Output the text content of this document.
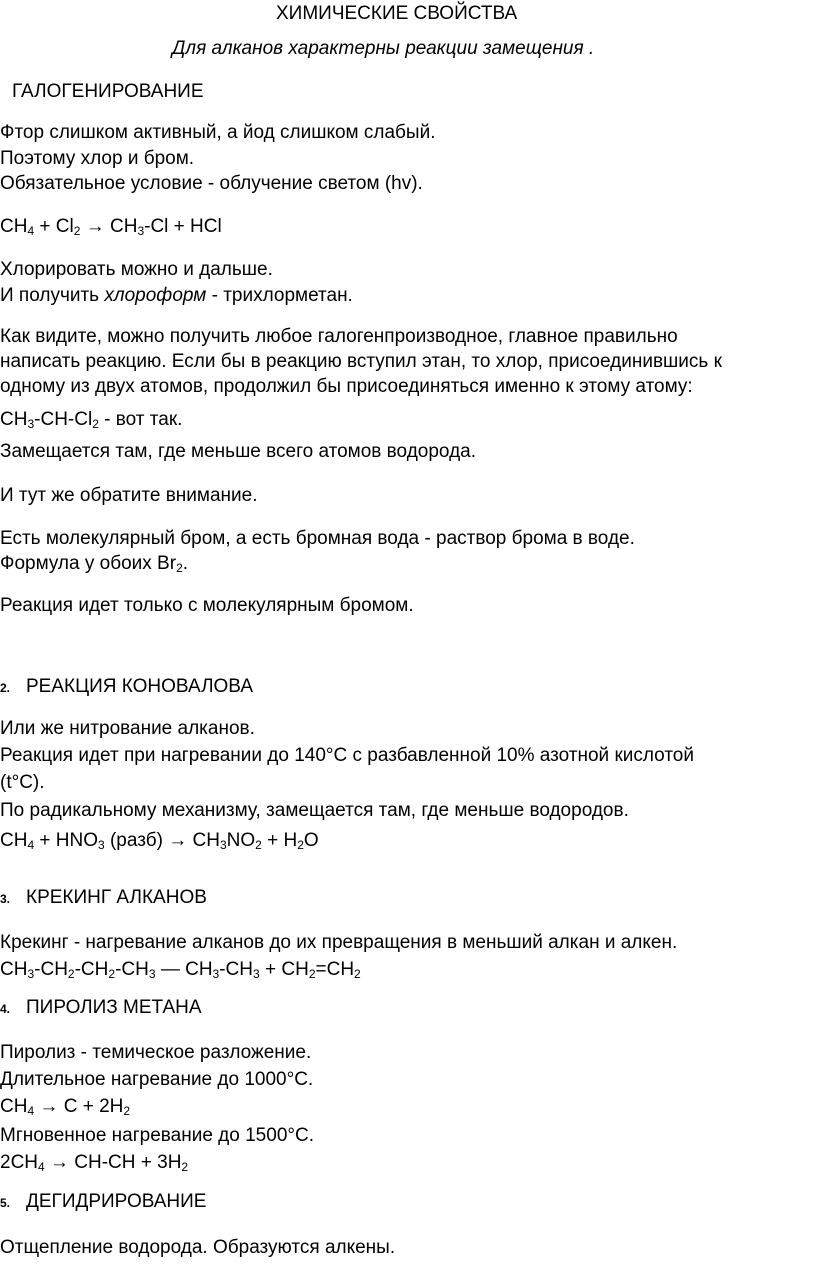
ХИМИЧЕСКИЕ СВОЙСТВА
Для алканов характерны реакции замещения .
ГАЛОГЕНИРОВАНИЕ
Фтор слишком активный, а йод слишком слабый.
Поэтому хлор и бром.
Обязательное условие - облучение светом (hv).
$CH_4 + Cl_2 \to CH_3-Cl$ + HCl
Хлорировать можно и дальше.
И получить хлороформ - трихлорметан.
Как видите, можно получить любое галогенпроизводное, главное правильно
написать реакцию. Если бы в реакцию вступил этан, то хлор, присоединившись к
одному из двух атомов, продолжил бы присоединяться именно к этому атому:
$CH_3-CH-Cl_2$ - вот так.
Замещается там, где меньше всего атомов водорода.
И тут же обратите внимание.
Есть молекулярный бром, а есть бромная вода - раствор брома в воде.
Формула у обоих $Br_2$.
Реакция идет только с молекулярным бромом.
2. РЕАКЦИЯ КОНОВАЛОВА
Или же нитрование алканов.
Реакция идет при нагревании до 140°С с разбавленной 10% азотной кислотой
(t°C).
По радикальному механизму, замещается там, где меньше водородов.
$CH_4 + HNO_3$ (разб) → $CH_3NO_2 + H_2O$
3. КРЕКИНГ АЛКАНОВ
Крекинг - нагревание алканов до их превращения в меньший алкан и алкен.
$CH_3-CH_2-CH_2-CH_3$ — $CH_3-CH_3 + CH_2=CH_2$
4. ПИРОЛИЗ МЕТАНА
Пиролиз - темическое разложение.
Длительное нагревание до 1000°С.
$CH_4 \to C + 2H_2$
Мгновенное нагревание до 1500°С.
$2CH_4 \to CH-CH + 3H_2$
5. ДЕГИДРИРОВАНИЕ
Отщепление водорода. Образуются алкены.
